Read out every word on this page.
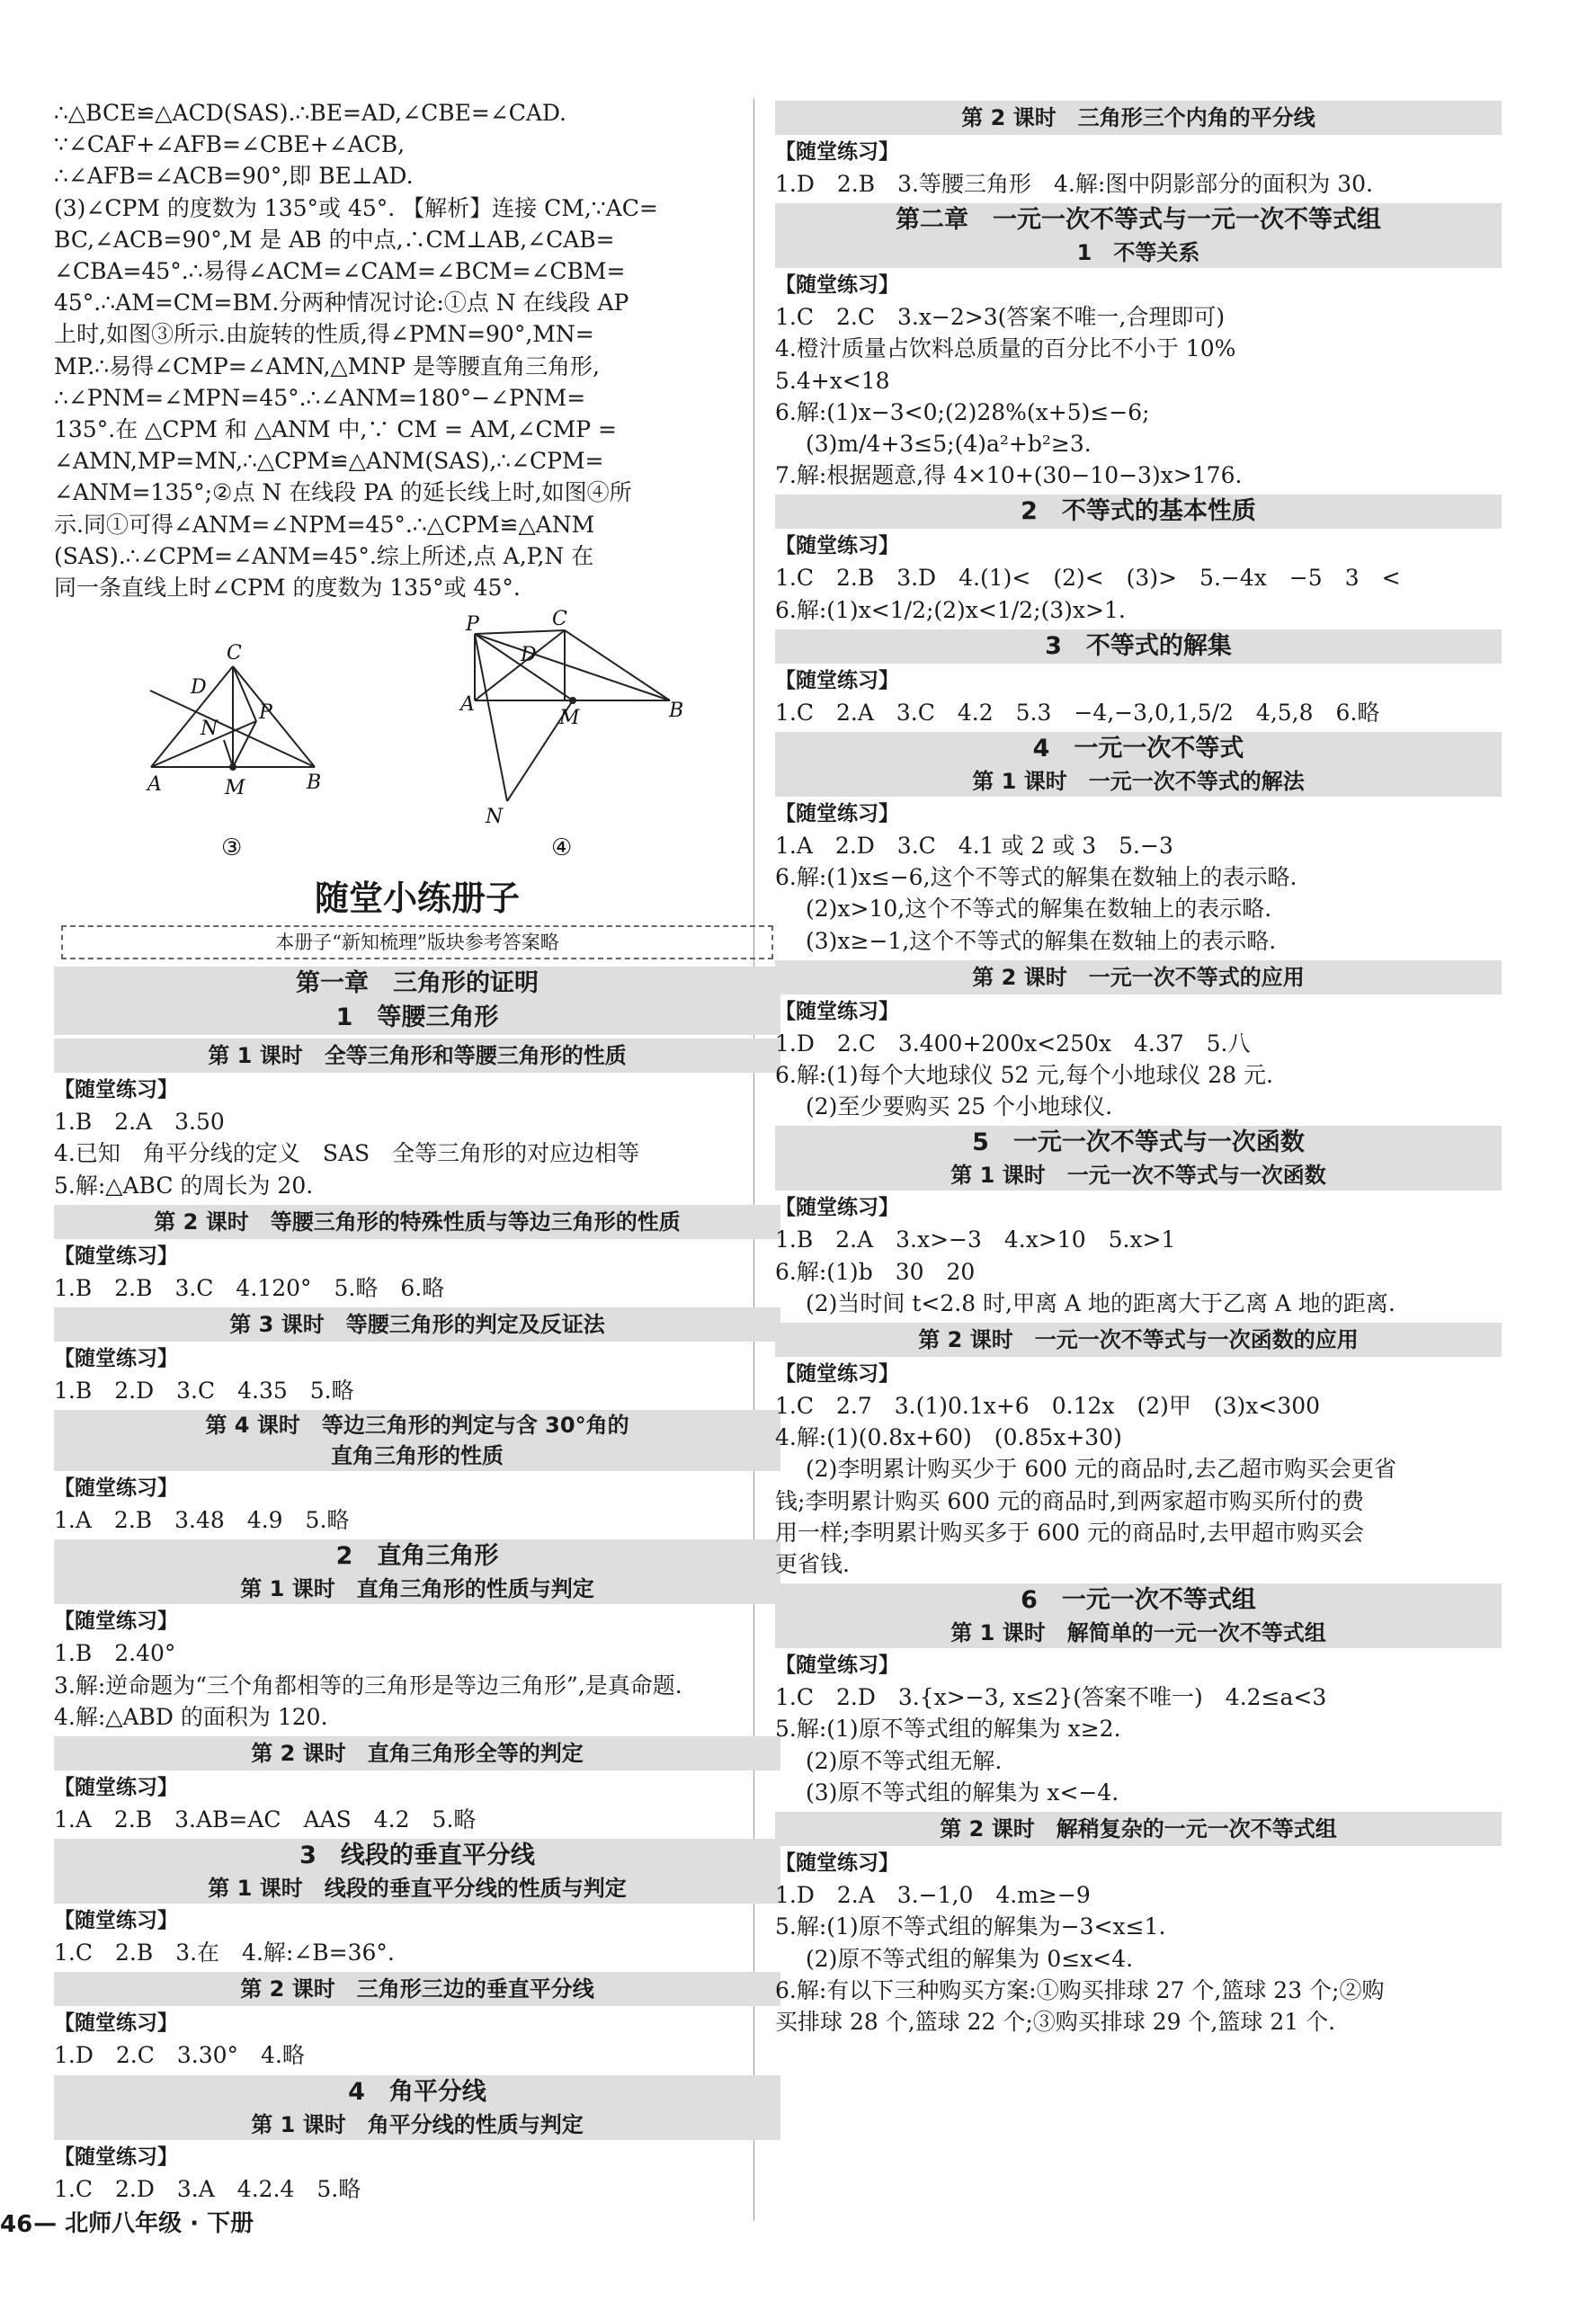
∴△BCE≌△ACD(SAS).∴BE=AD,∠CBE=∠CAD.
∵∠CAF+∠AFB=∠CBE+∠ACB,
∴∠AFB=∠ACB=90°,即 BE⊥AD.
(3)∠CPM 的度数为 135°或 45°. 【解析】连接 CM,∵AC=
BC,∠ACB=90°,M 是 AB 的中点,∴CM⊥AB,∠CAB=
∠CBA=45°.∴易得∠ACM=∠CAM=∠BCM=∠CBM=
45°.∴AM=CM=BM.分两种情况讨论:①点 N 在线段 AP
上时,如图③所示.由旋转的性质,得∠PMN=90°,MN=
MP.∴易得∠CMP=∠AMN,△MNP 是等腰直角三角形,
∴∠PNM=∠MPN=45°.∴∠ANM=180°−∠PNM=
135°.在 △CPM 和 △ANM 中,∵ CM = AM,∠CMP =
∠AMN,MP=MN,∴△CPM≌△ANM(SAS),∴∠CPM=
∠ANM=135°;②点 N 在线段 PA 的延长线上时,如图④所
示.同①可得∠ANM=∠NPM=45°.∴△CPM≌△ANM
(SAS).∴∠CPM=∠ANM=45°.综上所述,点 A,P,N 在
同一条直线上时∠CPM 的度数为 135°或 45°.
C
D
N
P
A	M	B
C
P
D
A
M	B
N
③	④
随堂小练册子
本册子“新知梳理”版块参考答案略
第一章　三角形的证明
1　等腰三角形
第 1 课时　全等三角形和等腰三角形的性质
【随堂练习】
1.B　2.A　3.50
4.已知　角平分线的定义　SAS　全等三角形的对应边相等
5.解:△ABC 的周长为 20.
第 2 课时　等腰三角形的特殊性质与等边三角形的性质
【随堂练习】
1.B　2.B　3.C　4.120°　5.略　6.略
第 3 课时　等腰三角形的判定及反证法
【随堂练习】
1.B　2.D　3.C　4.35　5.略
第 4 课时　等边三角形的判定与含 30°角的
直角三角形的性质
【随堂练习】
1.A　2.B　3.48　4.9　5.略
2　直角三角形
第 1 课时　直角三角形的性质与判定
【随堂练习】
1.B　2.40°
3.解:逆命题为“三个角都相等的三角形是等边三角形”,是真命题.
4.解:△ABD 的面积为 120.
第 2 课时　直角三角形全等的判定
【随堂练习】
1.A　2.B　3.AB=AC　AAS　4.2　5.略
3　线段的垂直平分线
第 1 课时　线段的垂直平分线的性质与判定
【随堂练习】
1.C　2.B　3.在　4.解:∠B=36°.
第 2 课时　三角形三边的垂直平分线
【随堂练习】
1.D　2.C　3.30°　4.略
4　角平分线
第 1 课时　角平分线的性质与判定
【随堂练习】
1.C　2.D　3.A　4.2.4　5.略
第 2 课时　三角形三个内角的平分线
【随堂练习】
1.D　2.B　3.等腰三角形　4.解:图中阴影部分的面积为 30.
第二章　一元一次不等式与一元一次不等式组
1　不等关系
【随堂练习】
1.C　2.C　3.x−2>3(答案不唯一,合理即可)
4.橙汁质量占饮料总质量的百分比不小于 10%
5.4+x<18
6.解:(1)x−3<0;(2)28%(x+5)≤−6;
(3)m/4+3≤5;(4)a²+b²≥3.
7.解:根据题意,得 4×10+(30−10−3)x>176.
2　不等式的基本性质
【随堂练习】
1.C　2.B　3.D　4.(1)<　(2)<　(3)>　5.−4x　−5　3　<
6.解:(1)x<1/2;(2)x<1/2;(3)x>1.
3　不等式的解集
【随堂练习】
1.C　2.A　3.C　4.2　5.3　−4,−3,0,1,5/2　4,5,8　6.略
4　一元一次不等式
第 1 课时　一元一次不等式的解法
【随堂练习】
1.A　2.D　3.C　4.1 或 2 或 3　5.−3
6.解:(1)x≤−6,这个不等式的解集在数轴上的表示略.
(2)x>10,这个不等式的解集在数轴上的表示略.
(3)x≥−1,这个不等式的解集在数轴上的表示略.
第 2 课时　一元一次不等式的应用
【随堂练习】
1.D　2.C　3.400+200x<250x　4.37　5.八
6.解:(1)每个大地球仪 52 元,每个小地球仪 28 元.
(2)至少要购买 25 个小地球仪.
5　一元一次不等式与一次函数
第 1 课时　一元一次不等式与一次函数
【随堂练习】
1.B　2.A　3.x>−3　4.x>10　5.x>1
6.解:(1)b　30　20
(2)当时间 t<2.8 时,甲离 A 地的距离大于乙离 A 地的距离.
第 2 课时　一元一次不等式与一次函数的应用
【随堂练习】
1.C　2.7　3.(1)0.1x+6　0.12x　(2)甲　(3)x<300
4.解:(1)(0.8x+60)　(0.85x+30)
(2)李明累计购买少于 600 元的商品时,去乙超市购买会更省
钱;李明累计购买 600 元的商品时,到两家超市购买所付的费
用一样;李明累计购买多于 600 元的商品时,去甲超市购买会
更省钱.
6　一元一次不等式组
第 1 课时　解简单的一元一次不等式组
【随堂练习】
1.C　2.D　3.{x>−3, x≤2}(答案不唯一)　4.2≤a<3
5.解:(1)原不等式组的解集为 x≥2.
(2)原不等式组无解.
(3)原不等式组的解集为 x<−4.
第 2 课时　解稍复杂的一元一次不等式组
【随堂练习】
1.D　2.A　3.−1,0　4.m≥−9
5.解:(1)原不等式组的解集为−3<x≤1.
(2)原不等式组的解集为 0≤x<4.
6.解:有以下三种购买方案:①购买排球 27 个,篮球 23 个;②购
买排球 28 个,篮球 22 个;③购买排球 29 个,篮球 21 个.
46 — 北师八年级 · 下册
